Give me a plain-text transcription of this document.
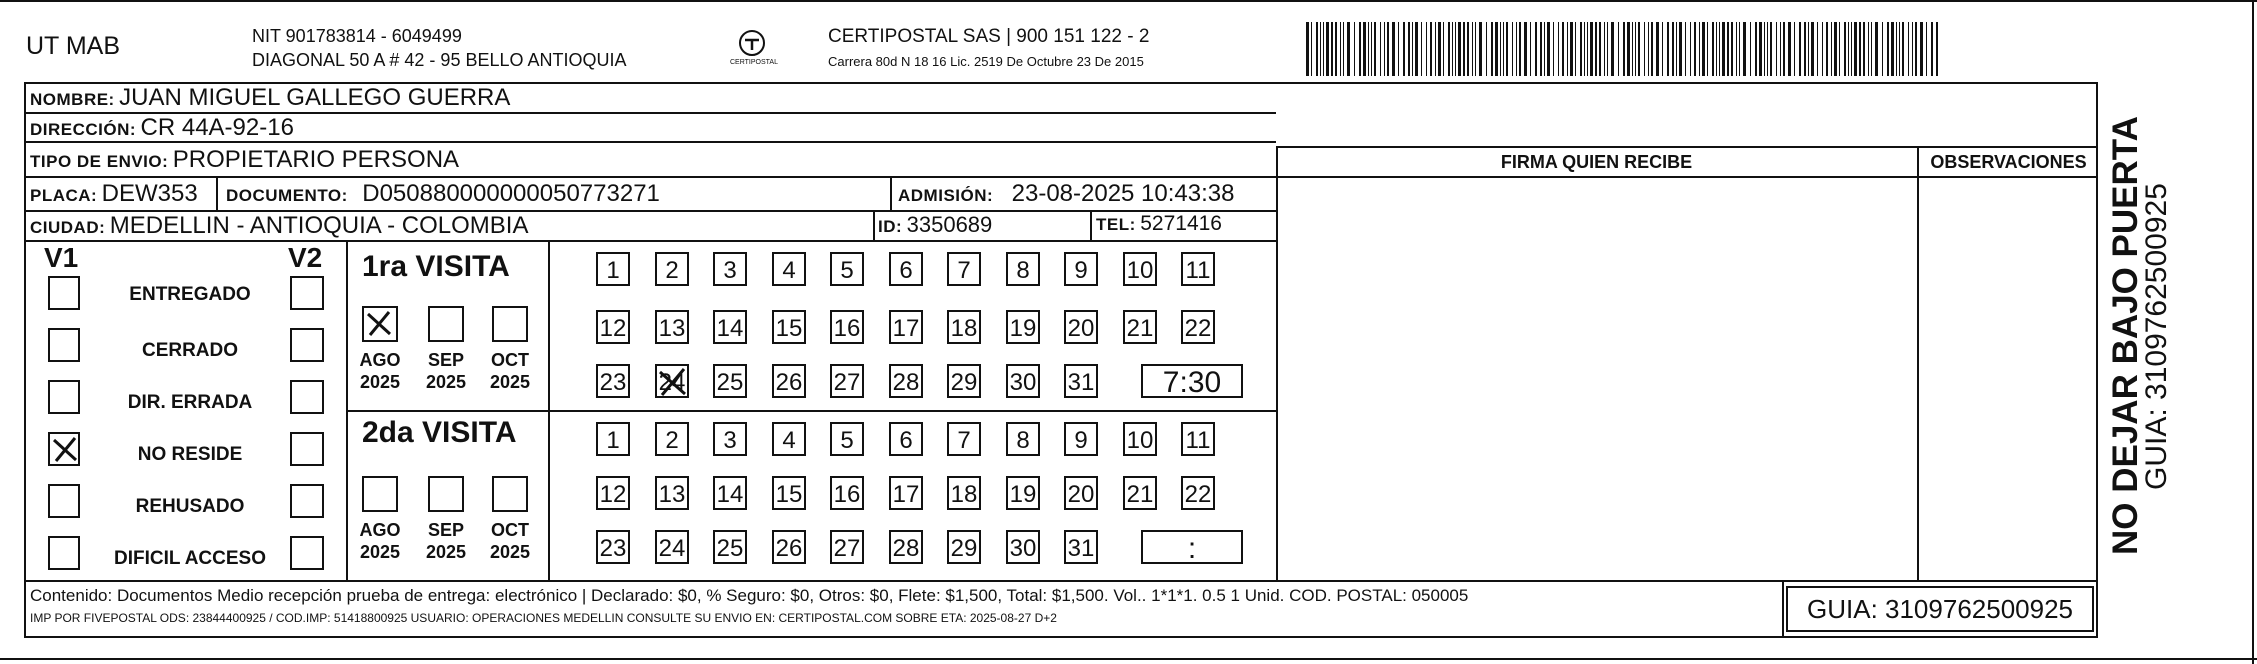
UT MAB	NIT 901783814 - 6049499
DIAGONAL 50 A # 42 - 95 BELLO ANTIOQUIA	CERTIPOSTAL
CERTIPOSTAL SAS | 900 151 122 - 2
Carrera 80d N 18 16 Lic. 2519 De Octubre 23 De 2015
NOMBRE: JUAN MIGUEL GALLEGO GUERRA
DIRECCIÓN: CR 44A-92-16
TIPO DE ENVIO: PROPIETARIO PERSONA
PLACA: DEW353 DOCUMENTO: D050880000000050773271	ADMISIÓN: 23-08-2025 10:43:38
CIUDAD: MEDELLIN - ANTIOQUIA - COLOMBIA	ID: 3350689	TEL: 5271416
FIRMA QUIEN RECIBE	OBSERVACIONES
V1	V2
ENTREGADO
CERRADO
DIR. ERRADA
NO RESIDE
REHUSADO
DIFICIL ACCESO
1ra VISITA
AGO
2025
SEP
2025
OCT
2025
1	2	3	4	5	6	7	8	9	10 11
12 13 14 15 16 17 18 19 20 21 22
23 24 25 26 27 28 29 30 31	7:30
2da VISITA
AGO
2025
SEP
2025
OCT
2025
1	2	3	4	5	6	7	8	9	10 11
12 13 14 15 16 17 18 19 20 21 22
23 24 25 26 27 28 29 30 31	:
Contenido: Documentos Medio recepción prueba de entrega: electrónico | Declarado: $0, % Seguro: $0, Otros: $0, Flete: $1,500, Total: $1,500. Vol.. 1*1*1. 0.5 1 Unid. COD. POSTAL: 050005
IMP POR FIVEPOSTAL ODS: 23844400925 / COD.IMP: 51418800925 USUARIO: OPERACIONES MEDELLIN CONSULTE SU ENVIO EN: CERTIPOSTAL.COM SOBRE ETA: 2025-08-27 D+2	GUIA: 3109762500925
NO DEJAR BAJO PUERTA
GUIA: 3109762500925
